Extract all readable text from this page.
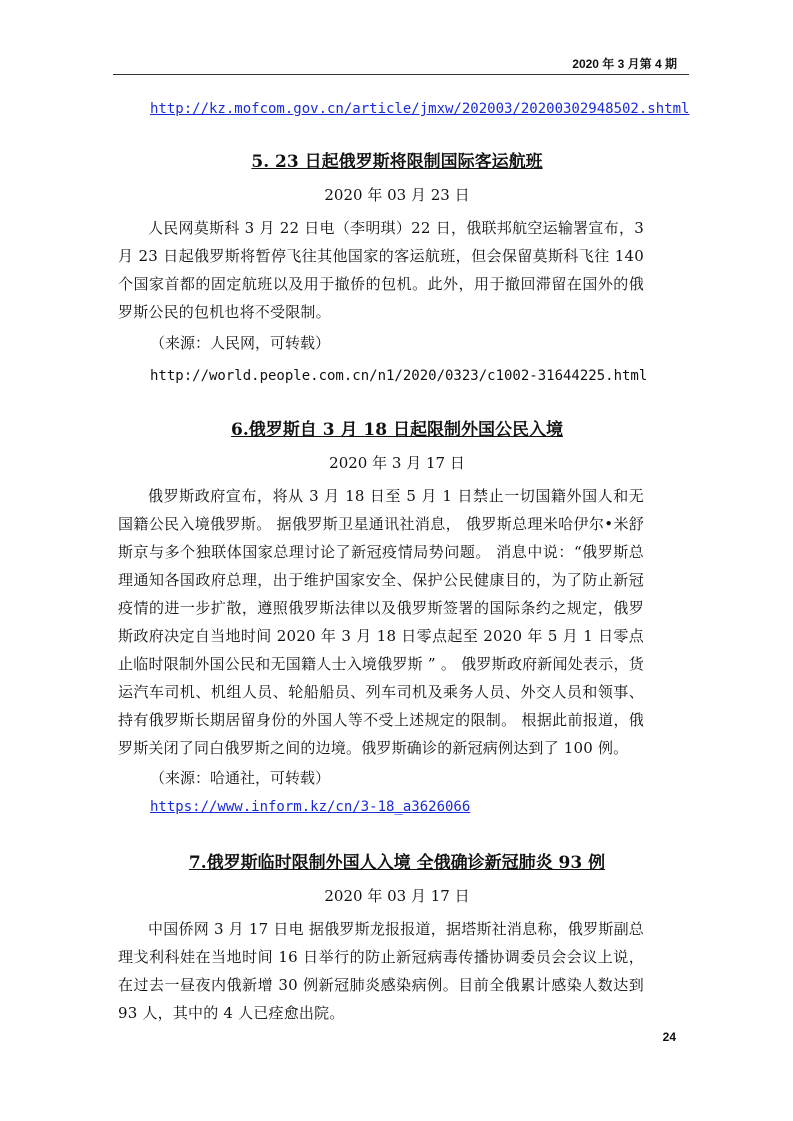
2020 年 3 月第 4 期
http://kz.mofcom.gov.cn/article/jmxw/202003/20200302948502.shtml

5. 23 日起俄罗斯将限制国际客运航班

2020 年 03 月 23 日

人民网莫斯科 3 月 22 日电（李明琪）22 日，俄联邦航空运输署宣布，3 月 23 日起俄罗斯将暂停飞往其他国家的客运航班，但会保留莫斯科飞往 140 个国家首都的固定航班以及用于撤侨的包机。此外，用于撤回滞留在国外的俄罗斯公民的包机也将不受限制。

（来源：人民网，可转载）

http://world.people.com.cn/n1/2020/0323/c1002-31644225.html

6.俄罗斯自 3 月 18 日起限制外国公民入境

2020 年 3 月 17 日

俄罗斯政府宣布，将从 3 月 18 日至 5 月 1 日禁止一切国籍外国人和无国籍公民入境俄罗斯。 据俄罗斯卫星通讯社消息， 俄罗斯总理米哈伊尔•米舒斯京与多个独联体国家总理讨论了新冠疫情局势问题。 消息中说：“俄罗斯总理通知各国政府总理，出于维护国家安全、保护公民健康目的，为了防止新冠疫情的进一步扩散，遵照俄罗斯法律以及俄罗斯签署的国际条约之规定，俄罗斯政府决定自当地时间 2020 年 3 月 18 日零点起至 2020 年 5 月 1 日零点止临时限制外国公民和无国籍人士入境俄罗斯 ” 。 俄罗斯政府新闻处表示，货运汽车司机、机组人员、轮船船员、列车司机及乘务人员、外交人员和领事、持有俄罗斯长期居留身份的外国人等不受上述规定的限制。 根据此前报道，俄罗斯关闭了同白俄罗斯之间的边境。俄罗斯确诊的新冠病例达到了 100 例。

（来源：哈通社，可转载）

https://www.inform.kz/cn/3-18_a3626066

7.俄罗斯临时限制外国人入境 全俄确诊新冠肺炎 93 例

2020 年 03 月 17 日

中国侨网 3 月 17 日电 据俄罗斯龙报报道，据塔斯社消息称，俄罗斯副总理戈利科娃在当地时间 16 日举行的防止新冠病毒传播协调委员会会议上说，在过去一昼夜内俄新增 30 例新冠肺炎感染病例。目前全俄累计感染人数达到 93 人，其中的 4 人已痊愈出院。

24
